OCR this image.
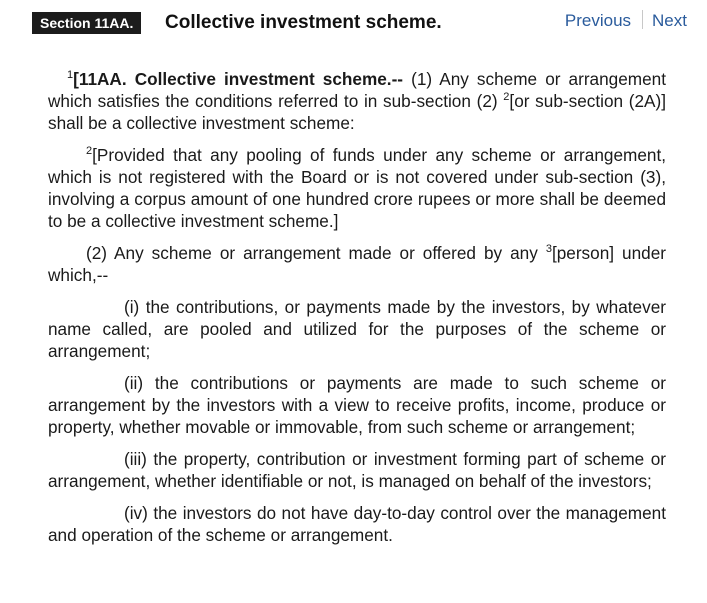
Section 11AA.	Collective investment scheme.	Previous Next

$^1$[11AA. Collective investment scheme.-- (1) Any scheme or arrangement which satisfies the conditions referred to in sub-section (2) $^2$[or sub-section (2A)] shall be a collective investment scheme:

$^2$[Provided that any pooling of funds under any scheme or arrangement, which is not registered with the Board or is not covered under sub-section (3), involving a corpus amount of one hundred crore rupees or more shall be deemed to be a collective investment scheme.]

(2) Any scheme or arrangement made or offered by any $^3$[person] under which,--

(i) the contributions, or payments made by the investors, by whatever name called, are pooled and utilized for the purposes of the scheme or arrangement;

(ii) the contributions or payments are made to such scheme or arrangement by the investors with a view to receive profits, income, produce or property, whether movable or immovable, from such scheme or arrangement;

(iii) the property, contribution or investment forming part of scheme or arrangement, whether identifiable or not, is managed on behalf of the investors;

(iv) the investors do not have day-to-day control over the management and operation of the scheme or arrangement.
